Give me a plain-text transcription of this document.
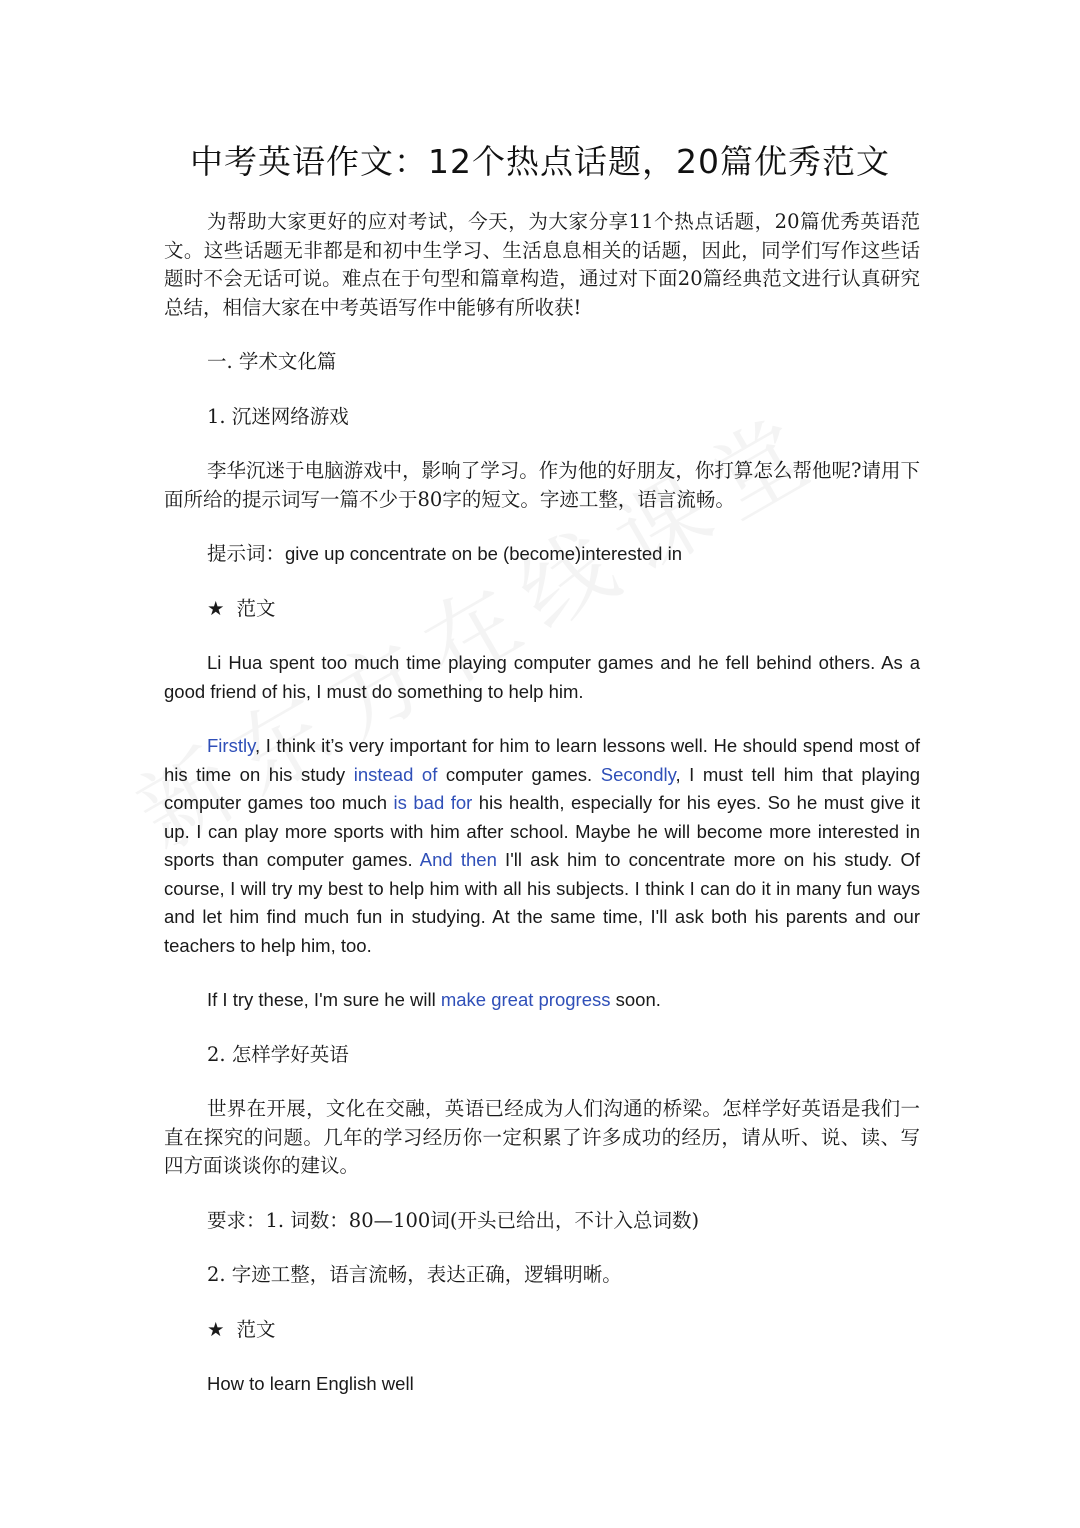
中考英语作文：12个热点话题，20篇优秀范文

为帮助大家更好的应对考试，今天，为大家分享11个热点话题，20篇优秀英语范文。这些话题无非都是和初中生学习、生活息息相关的话题，因此，同学们写作这些话题时不会无话可说。难点在于句型和篇章构造，通过对下面20篇经典范文进行认真研究总结，相信大家在中考英语写作中能够有所收获!

一. 学术文化篇

1. 沉迷网络游戏

李华沉迷于电脑游戏中，影响了学习。作为他的好朋友，你打算怎么帮他呢?请用下面所给的提示词写一篇不少于80字的短文。字迹工整，语言流畅。

提示词：give up concentrate on be (become)interested in

★ 范文

Li Hua spent too much time playing computer games and he fell behind others. As a good friend of his, I must do something to help him.

Firstly, I think it’s very important for him to learn lessons well. He should spend most of his time on his study instead of computer games. Secondly, I must tell him that playing computer games too much is bad for his health, especially for his eyes. So he must give it up. I can play more sports with him after school. Maybe he will become more interested in sports than computer games. And then I'll ask him to concentrate more on his study. Of course, I will try my best to help him with all his subjects. I think I can do it in many fun ways and let him find much fun in studying. At the same time, I'll ask both his parents and our teachers to help him, too.

If I try these, I'm sure he will make great progress soon.

2. 怎样学好英语

世界在开展，文化在交融，英语已经成为人们沟通的桥梁。怎样学好英语是我们一直在探究的问题。几年的学习经历你一定积累了许多成功的经历，请从听、说、读、写四方面谈谈你的建议。

要求：1. 词数：80—100词(开头已给出，不计入总词数)

2. 字迹工整，语言流畅，表达正确，逻辑明晰。

★ 范文

How to learn English well
